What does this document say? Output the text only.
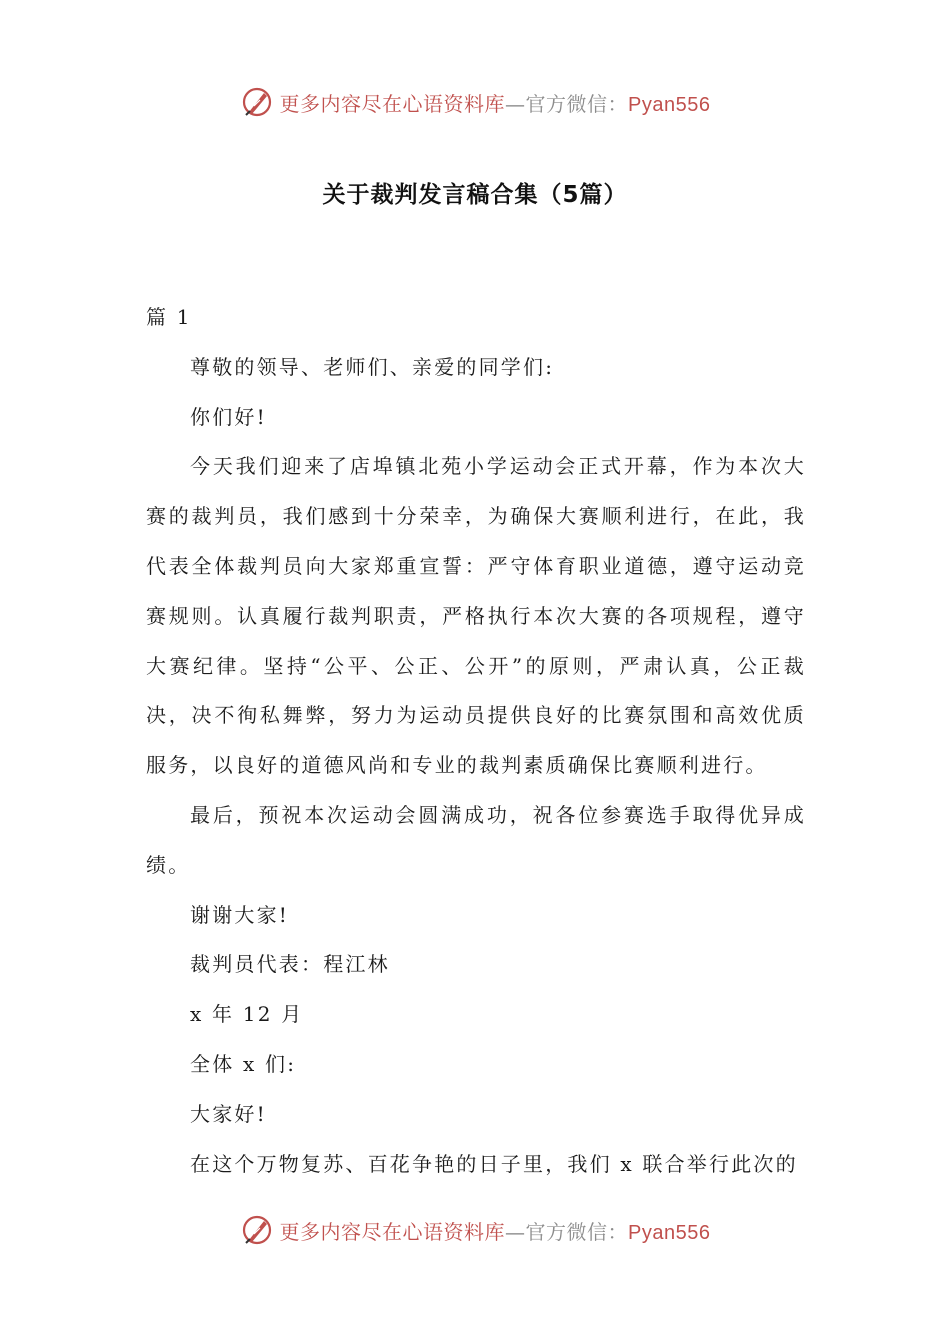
更多内容尽在心语资料库—官方微信：Pyan556
关于裁判发言稿合集（5篇）

篇 1

尊敬的领导、老师们、亲爱的同学们:

你们好!

今天我们迎来了店埠镇北苑小学运动会正式开幕，作为本次大赛的裁判员，我们感到十分荣幸，为确保大赛顺利进行，在此，我代表全体裁判员向大家郑重宣誓：严守体育职业道德，遵守运动竞赛规则。认真履行裁判职责，严格执行本次大赛的各项规程，遵守大赛纪律。坚持“公平、公正、公开”的原则，严肃认真，公正裁决，决不徇私舞弊，努力为运动员提供良好的比赛氛围和高效优质服务，以良好的道德风尚和专业的裁判素质确保比赛顺利进行。

最后，预祝本次运动会圆满成功，祝各位参赛选手取得优异成绩。

谢谢大家!

裁判员代表：程江林

x 年 12 月

全体 x 们:

大家好!

在这个万物复苏、百花争艳的日子里，我们 x 联合举行此次的

更多内容尽在心语资料库—官方微信：Pyan556
